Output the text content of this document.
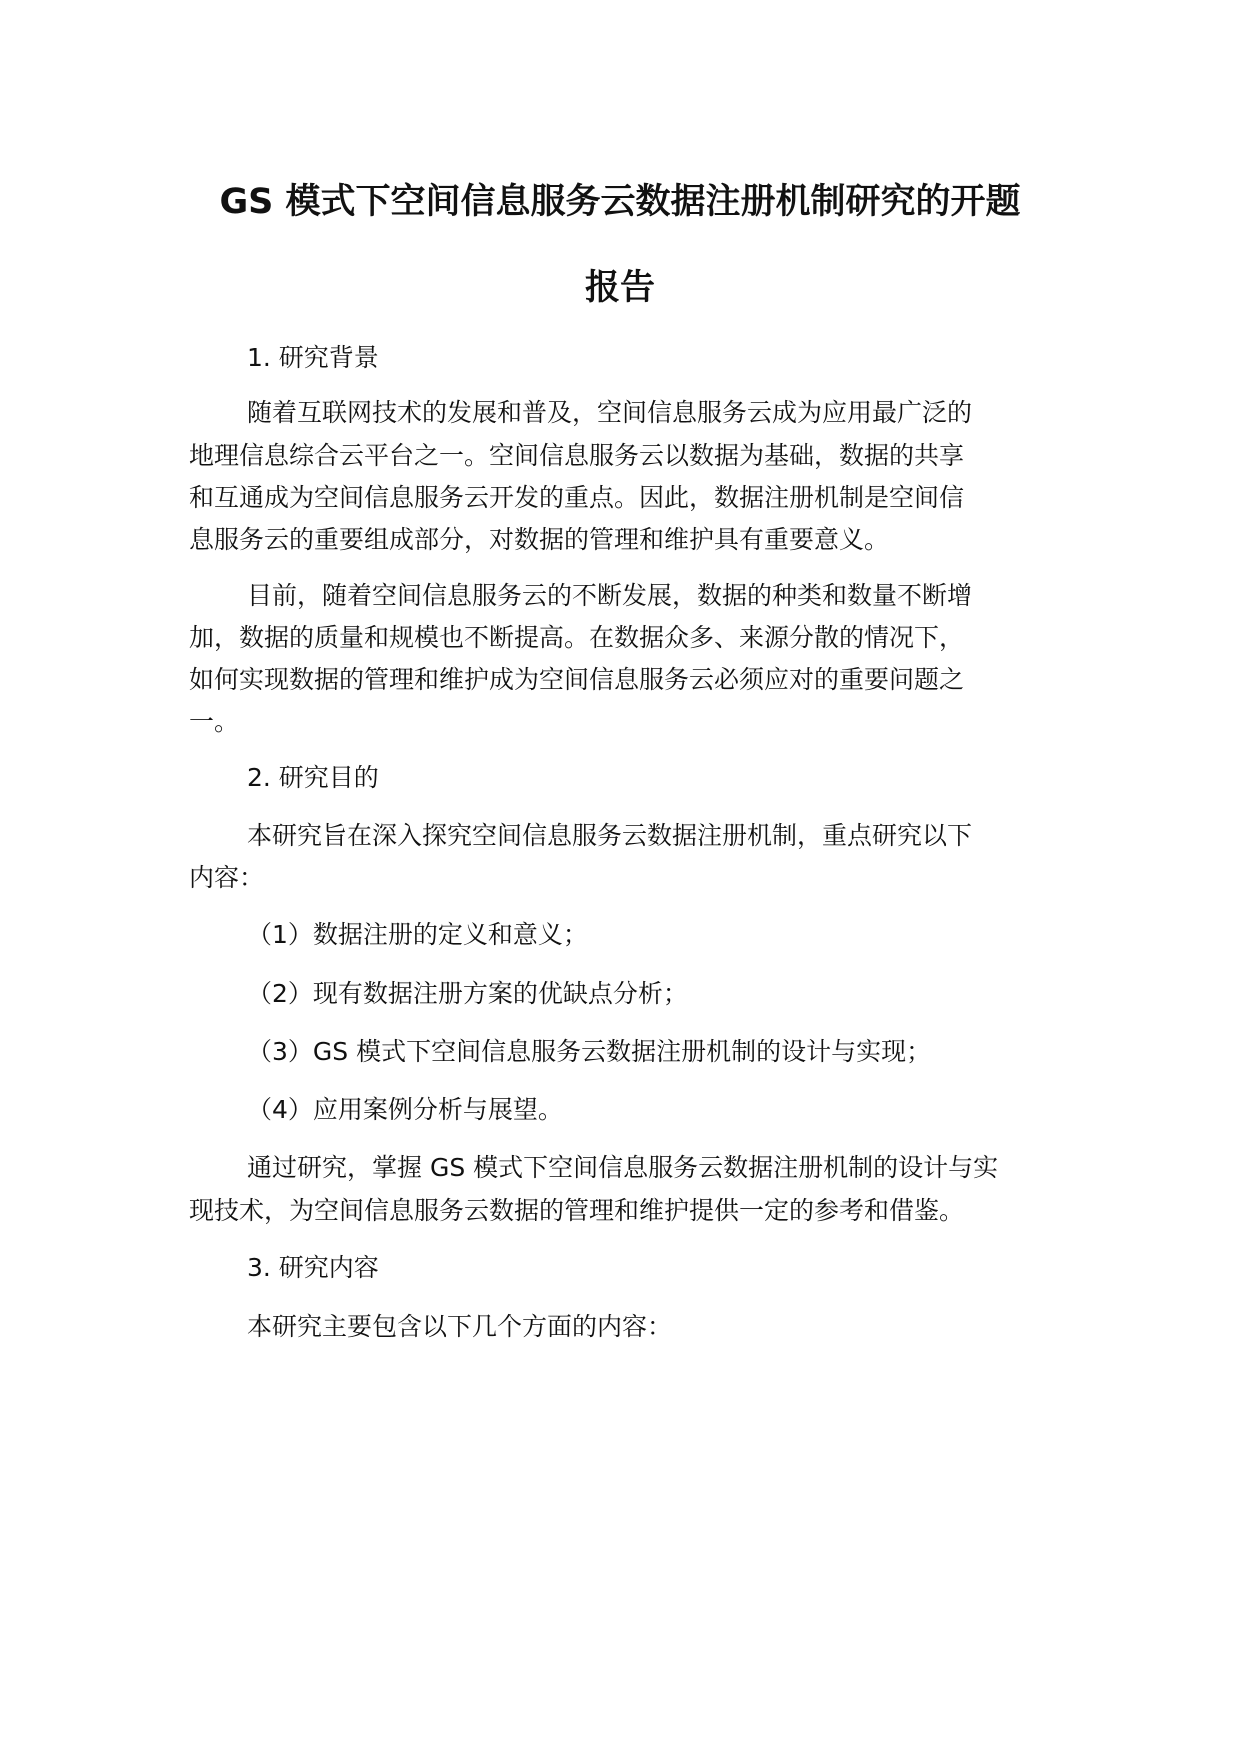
GS 模式下空间信息服务云数据注册机制研究的开题
报告

1. 研究背景

随着互联网技术的发展和普及，空间信息服务云成为应用最广泛的

地理信息综合云平台之一。空间信息服务云以数据为基础，数据的共享

和互通成为空间信息服务云开发的重点。因此，数据注册机制是空间信

息服务云的重要组成部分，对数据的管理和维护具有重要意义。

目前，随着空间信息服务云的不断发展，数据的种类和数量不断增

加，数据的质量和规模也不断提高。在数据众多、来源分散的情况下，

如何实现数据的管理和维护成为空间信息服务云必须应对的重要问题之

一。

2. 研究目的

本研究旨在深入探究空间信息服务云数据注册机制，重点研究以下

内容：

（1）数据注册的定义和意义；

（2）现有数据注册方案的优缺点分析；

（3）GS 模式下空间信息服务云数据注册机制的设计与实现；

（4）应用案例分析与展望。

通过研究，掌握 GS 模式下空间信息服务云数据注册机制的设计与实

现技术，为空间信息服务云数据的管理和维护提供一定的参考和借鉴。

3. 研究内容

本研究主要包含以下几个方面的内容：
